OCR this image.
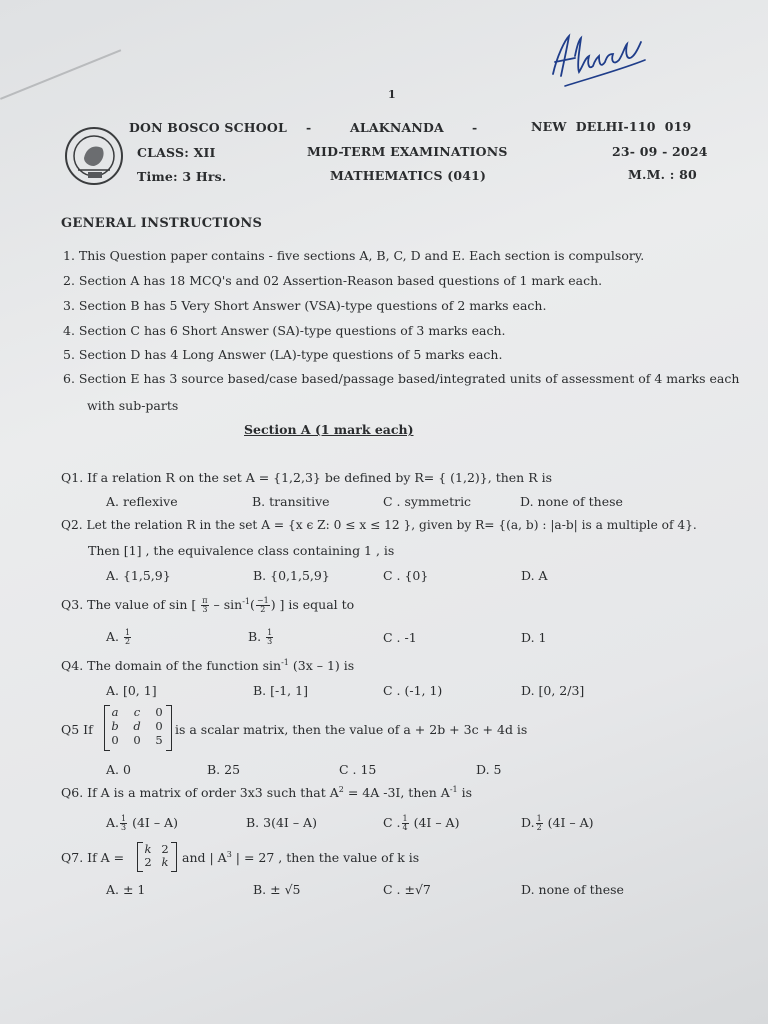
1
DON BOSCO SCHOOL -	ALAKNANDA -	NEW  DELHI-110  019
CLASS: XII	MID-TERM EXAMINATIONS	23- 09 - 2024
Time: 3 Hrs.	MATHEMATICS (041)	M.M. : 80
GENERAL INSTRUCTIONS
1. This Question paper contains - five sections A, B, C, D and E. Each section is compulsory.
2. Section A has 18 MCQ's and 02 Assertion-Reason based questions of 1 mark each.
3. Section B has 5 Very Short Answer (VSA)-type questions of 2 marks each.
4. Section C has 6 Short Answer (SA)-type questions of 3 marks each.
5. Section D has 4 Long Answer (LA)-type questions of 5 marks each.
6. Section E has 3 source based/case based/passage based/integrated units of assessment of 4 marks each
with sub-parts
Section A (1 mark each)
Q1. If a relation R on the set A = {1,2,3} be defined by R= { (1,2)}, then R is
A. reflexive	B. transitive	C . symmetric	D. none of these
Q2. Let the relation R in the set A = {x ϵ Z: 0 ≤ x ≤ 12 }, given by R= {(a, b) : |a-b| is a multiple of 4}.
Then [1] , the equivalence class containing 1 , is
A. {1,5,9}	B. {0,1,5,9}	C . {0}	D. A
Q3. The value of sin [ $\frac{\pi}{3} - \sin^{-1}( \frac{-1}{2}$ ) ] is equal to
A. $\frac{1}{2}$	B. $\frac{1}{3}$	C . -1	D. 1
Q4. The domain of the function $\sin^{-1} (3x - 1)$ is
A. [0, 1]	B. [-1, 1]	C . (-1, 1)	D. [0, 2/3]
Q5 If
a c 0
b d 0
0 0 5
is a scalar matrix, then the value of a + 2b + 3c + 4d is
A. 0	B. 25	C . 15	D. 5
Q6. If A is a matrix of order 3x3 such that $A^2 = 4A$ -3I, then $A^{-1}$ is
A. $\frac{1}{3} (4I - A)$	B. 3(4I – A)	C . $\frac{1}{4} (4I - A)$	D. $\frac{1}{2} (4I - A)$
Q7. If A =
k 2
2 k and | $A^3$ | = 27 , then the value of k is
A. ± 1	B. ± √5	C . ±√7	D. none of these
